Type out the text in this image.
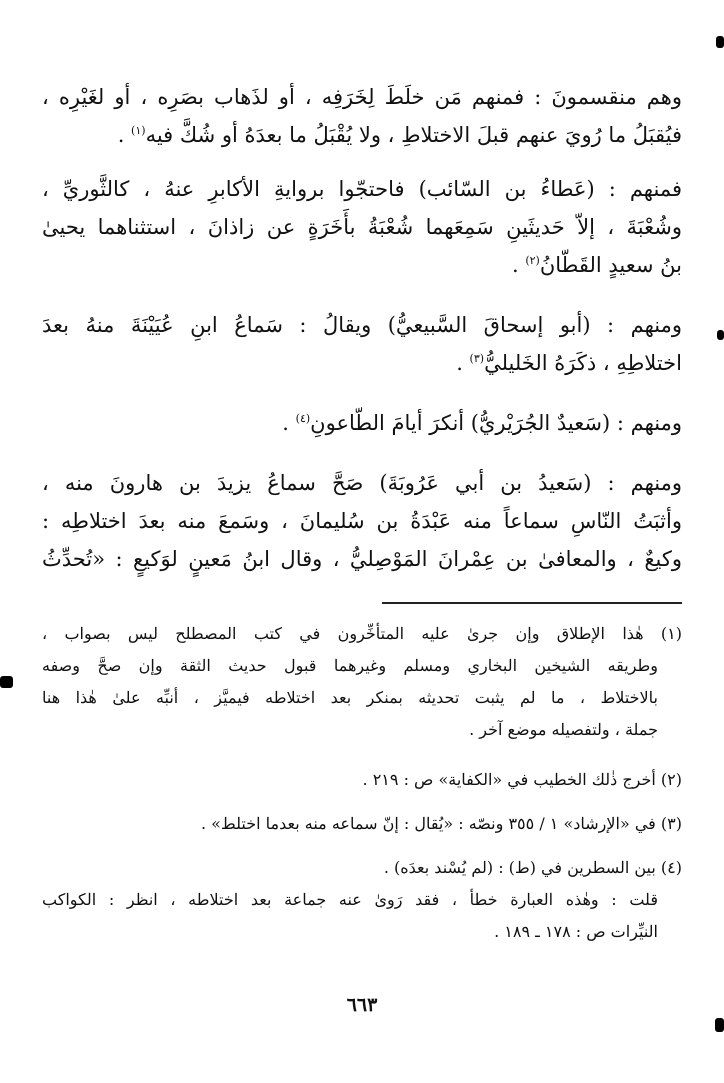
وهم منقسمونَ : فمنهم مَن خلَطَ لِخَرَفِه ، أو لذَهاب بصَرِه ، أو لغَيْرِه ،
فيُقبَلُ ما رُويَ عنهم قبلَ الاختلاطِ ، ولا يُقْبَلُ ما بعدَهُ أو شُكَّ فيه$^{(١)}$ .
فمنهم : (عَطاءُ بن السّائب) فاحتجّوا بروايةِ الأكابرِ عنهُ ، كالثَّوريِّ ،
وشُعْبَةَ ، إلاّ حَديثَينِ سَمِعَهما شُعْبَةُ بأَخَرَةٍ عن زاذانَ ، استثناهما يحيىٰ
بنُ سعيدٍ القَطّانُ$^{(٢)}$ .
ومنهم : (أبو إسحاقَ السَّبيعيُّ) ويقالُ : سَماعُ ابنِ عُيَيْنَةَ منهُ بعدَ
اختلاطِهِ ، ذكَرَهُ الخَليليُّ$^{(٣)}$ .
ومنهم : (سَعيدٌ الجُرَيْريُّ) أنكرَ أيامَ الطّاعونِ$^{(٤)}$ .
ومنهم : (سَعيدُ بن أبي عَرُوبَةَ) صَحَّ سماعُ يزيدَ بن هارونَ منه ،
وأثبَتُ النّاسِ سماعاً منه عَبْدَةُ بن سُليمانَ ، وسَمعَ منه بعدَ اختلاطِه :
وكيعٌ ، والمعافىٰ بن عِمْرانَ المَوْصِليُّ ، وقال ابنُ مَعينٍ لوَكيعٍ : «تُحدِّثُ
(١) هٰذا الإطلاق وإن جرىٰ عليه المتأخِّرون في كتب المصطلح ليس بصواب ،
وطريقه الشيخين البخاري ومسلم وغيرهما قبول حديث الثقة وإن صحَّ وصفه
بالاختلاط ، ما لم يثبت تحديثه بمنكر بعد اختلاطه فيميَّز ، أنبِّه علىٰ هٰذا هنا
جملة ، ولتفصيله موضع آخر .
(٢) أخرج ذٰلك الخطيب في «الكفاية» ص : ٢١٩ .
(٣) في «الإرشاد» ١ / ٣٥٥ ونصّه : «يُقال : إنّ سماعه منه بعدما اختلط» .
(٤) بين السطرين في (ط) : (لم يُسْند بعدَه) .
قلت : وهٰذه العبارة خطأ ، فقد رَوىٰ عنه جماعة بعد اختلاطه ، انظر : الكواكب
النيِّرات ص : ١٧٨ ـ ١٨٩ .
٦٦٣
